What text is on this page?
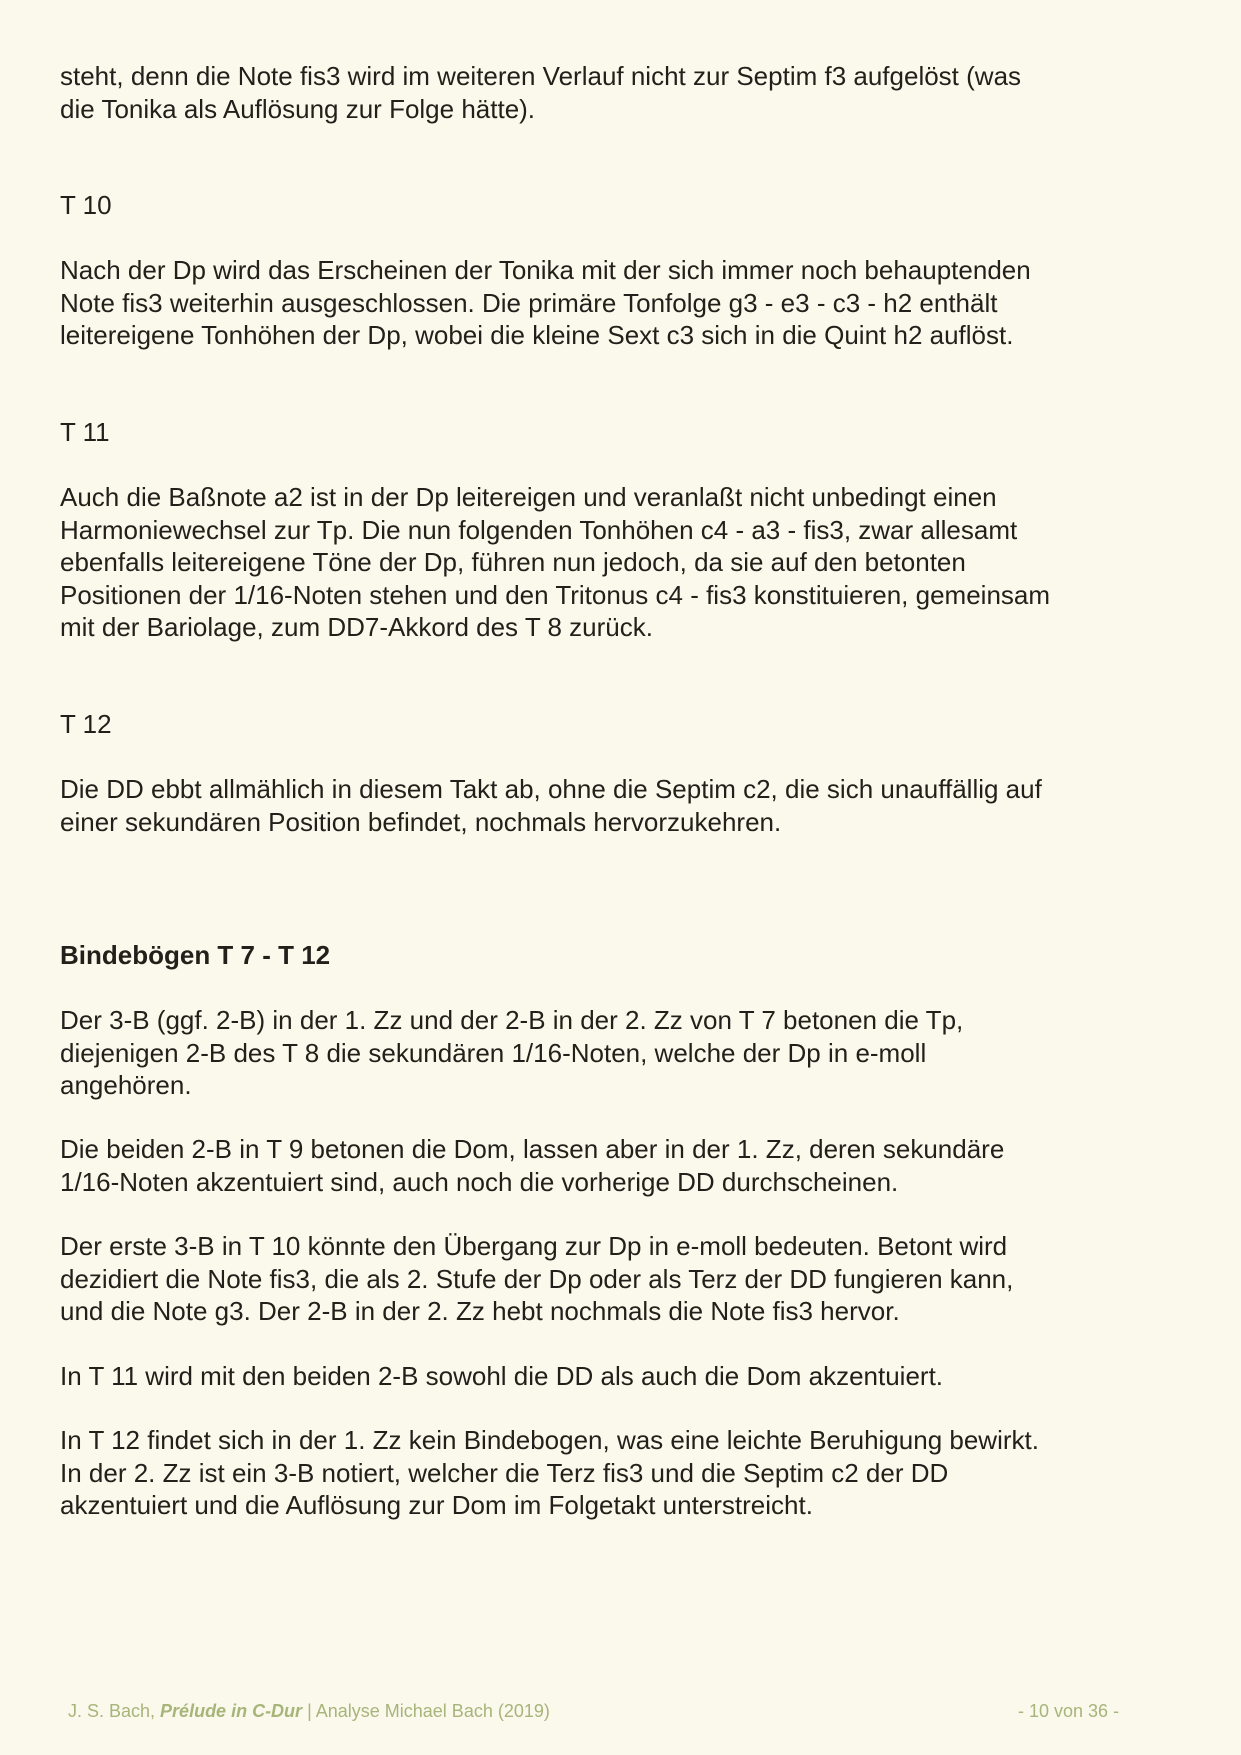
steht, denn die Note fis3 wird im weiteren Verlauf nicht zur Septim f3 aufgelöst (was
die Tonika als Auflösung zur Folge hätte).

T 10

Nach der Dp wird das Erscheinen der Tonika mit der sich immer noch behauptenden
Note fis3 weiterhin ausgeschlossen. Die primäre Tonfolge g3 - e3 - c3 - h2 enthält
leitereigene Tonhöhen der Dp, wobei die kleine Sext c3 sich in die Quint h2 auflöst.

T 11

Auch die Baßnote a2 ist in der Dp leitereigen und veranlaßt nicht unbedingt einen
Harmoniewechsel zur Tp. Die nun folgenden Tonhöhen c4 - a3 - fis3, zwar allesamt
ebenfalls leitereigene Töne der Dp, führen nun jedoch, da sie auf den betonten
Positionen der 1/16-Noten stehen und den Tritonus c4 - fis3 konstituieren, gemeinsam
mit der Bariolage, zum DD7-Akkord des T 8 zurück.

T 12

Die DD ebbt allmählich in diesem Takt ab, ohne die Septim c2, die sich unauffällig auf
einer sekundären Position befindet, nochmals hervorzukehren.

Bindebögen T 7 - T 12

Der 3-B (ggf. 2-B) in der 1. Zz und der 2-B in der 2. Zz von T 7 betonen die Tp,
diejenigen 2-B des T 8 die sekundären 1/16-Noten, welche der Dp in e-moll
angehören.

Die beiden 2-B in T 9 betonen die Dom, lassen aber in der 1. Zz, deren sekundäre
1/16-Noten akzentuiert sind, auch noch die vorherige DD durchscheinen.

Der erste 3-B in T 10 könnte den Übergang zur Dp in e-moll bedeuten. Betont wird
dezidiert die Note fis3, die als 2. Stufe der Dp oder als Terz der DD fungieren kann,
und die Note g3. Der 2-B in der 2. Zz hebt nochmals die Note fis3 hervor.

In T 11 wird mit den beiden 2-B sowohl die DD als auch die Dom akzentuiert.

In T 12 findet sich in der 1. Zz kein Bindebogen, was eine leichte Beruhigung bewirkt.
In der 2. Zz ist ein 3-B notiert, welcher die Terz fis3 und die Septim c2 der DD
akzentuiert und die Auflösung zur Dom im Folgetakt unterstreicht.

J. S. Bach, Prélude in C-Dur | Analyse Michael Bach (2019)	- 10 von 36 -
